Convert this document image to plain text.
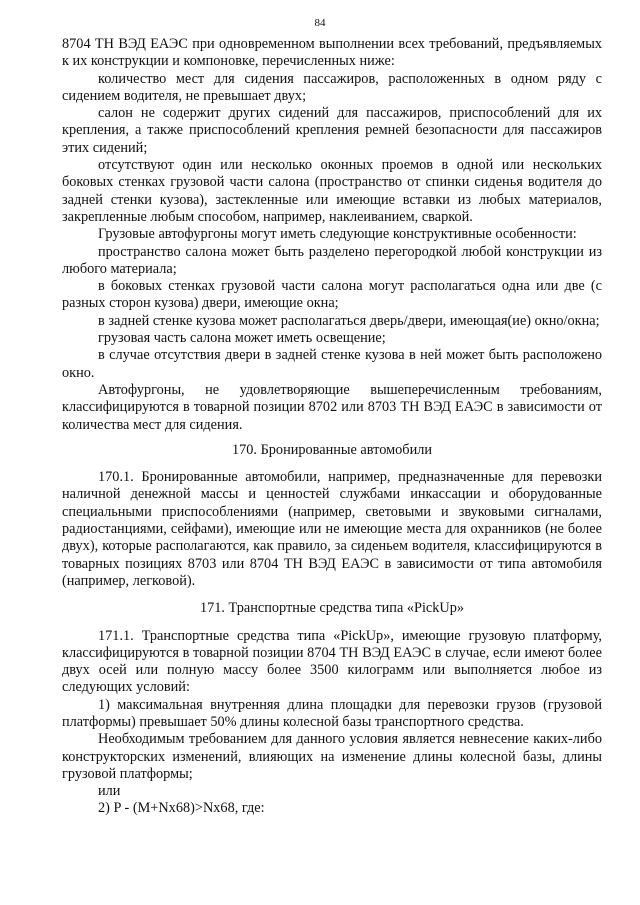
84

8704 ТН ВЭД ЕАЭС при одновременном выполнении всех требований, предъявляемых к их конструкции и компоновке, перечисленных ниже:

количество мест для сидения пассажиров, расположенных в одном ряду с сидением водителя, не превышает двух;

салон не содержит других сидений для пассажиров, приспособлений для их крепления, а также приспособлений крепления ремней безопасности для пассажиров этих сидений;

отсутствуют один или несколько оконных проемов в одной или нескольких боковых стенках грузовой части салона (пространство от спинки сиденья водителя до задней стенки кузова), застекленные или имеющие вставки из любых материалов, закрепленные любым способом, например, наклеиванием, сваркой.

Грузовые автофургоны могут иметь следующие конструктивные особенности:

пространство салона может быть разделено перегородкой любой конструкции из любого материала;

в боковых стенках грузовой части салона могут располагаться одна или две (с разных сторон кузова) двери, имеющие окна;

в задней стенке кузова может располагаться дверь/двери, имеющая(ие) окно/окна;

грузовая часть салона может иметь освещение;

в случае отсутствия двери в задней стенке кузова в ней может быть расположено окно.

Автофургоны, не удовлетворяющие вышеперечисленным требованиям, классифицируются в товарной позиции 8702 или 8703 ТН ВЭД ЕАЭС в зависимости от количества мест для сидения.

170. Бронированные автомобили

170.1. Бронированные автомобили, например, предназначенные для перевозки наличной денежной массы и ценностей службами инкассации и оборудованные специальными приспособлениями (например, световыми и звуковыми сигналами, радиостанциями, сейфами), имеющие или не имеющие места для охранников (не более двух), которые располагаются, как правило, за сиденьем водителя, классифицируются в товарных позициях 8703 или 8704 ТН ВЭД ЕАЭС в зависимости от типа автомобиля (например, легковой).

171. Транспортные средства типа «PickUp»

171.1. Транспортные средства типа «PickUp», имеющие грузовую платформу, классифицируются в товарной позиции 8704 ТН ВЭД ЕАЭС в случае, если имеют более двух осей или полную массу более 3500 килограмм или выполняется любое из следующих условий:

1) максимальная внутренняя длина площадки для перевозки грузов (грузовой платформы) превышает 50% длины колесной базы транспортного средства.

Необходимым требованием для данного условия является невнесение каких-либо конструкторских изменений, влияющих на изменение длины колесной базы, длины грузовой платформы;

или

2) P - (M+Nx68)>Nx68, где:
